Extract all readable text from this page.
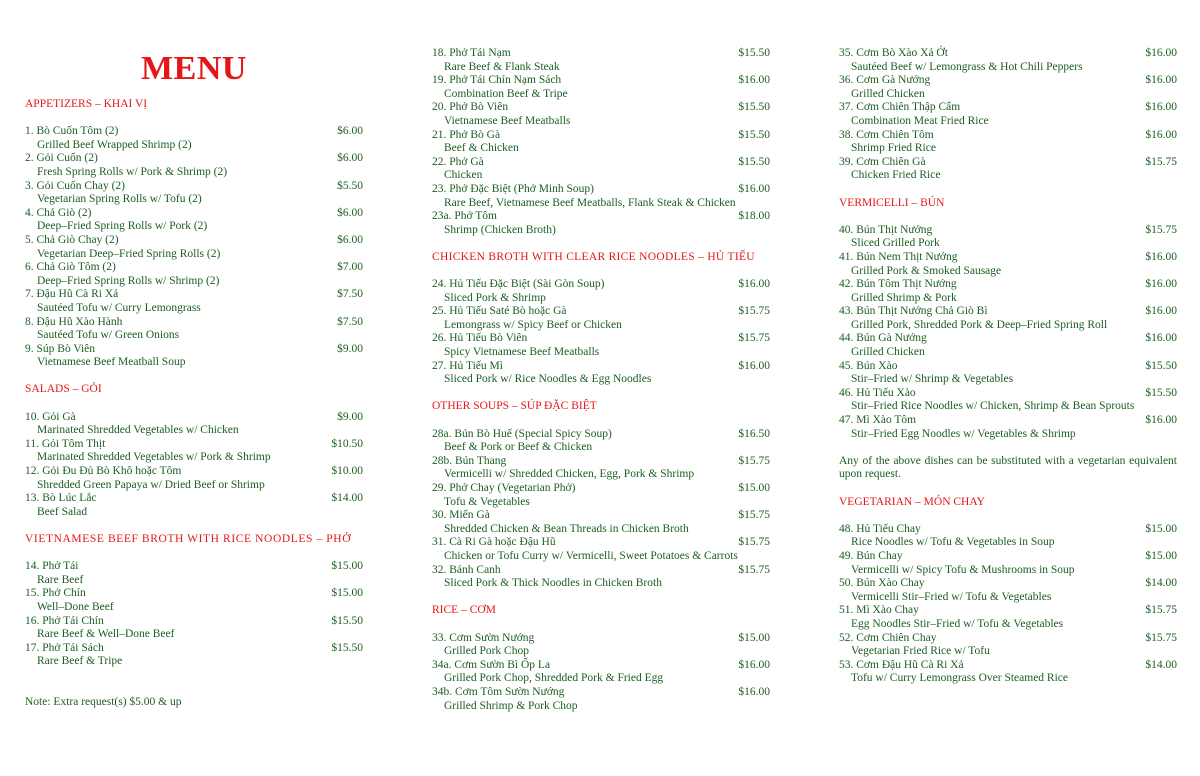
MENU
APPETIZERS – KHAI VỊ
1. Bò Cuốn Tôm (2)	$6.00
Grilled Beef Wrapped Shrimp (2)
2. Gỏi Cuốn (2)	$6.00
Fresh Spring Rolls w/ Pork & Shrimp (2)
3. Gỏi Cuốn Chay (2)	$5.50
Vegetarian Spring Rolls w/ Tofu (2)
4. Chả Giò (2)	$6.00
Deep–Fried Spring Rolls w/ Pork (2)
5. Chả Giò Chay (2)	$6.00
Vegetarian Deep–Fried Spring Rolls (2)
6. Chả Giò Tôm (2)	$7.00
Deep–Fried Spring Rolls w/ Shrimp (2)
7. Đậu Hũ Cà Ri Xả	$7.50
Sautéed Tofu w/ Curry Lemongrass
8. Đậu Hũ Xào Hành	$7.50
Sautéed Tofu w/ Green Onions
9. Súp Bò Viên	$9.00
Vietnamese Beef Meatball Soup
SALADS – GỎI
10. Gỏi Gà	$9.00
Marinated Shredded Vegetables w/ Chicken
11. Gỏi Tôm Thịt	$10.50
Marinated Shredded Vegetables w/ Pork & Shrimp
12. Gỏi Đu Đủ Bò Khô hoặc Tôm	$10.00
Shredded Green Papaya w/ Dried Beef or Shrimp
13. Bò Lúc Lắc	$14.00
Beef Salad
VIETNAMESE BEEF BROTH WITH RICE NOODLES – PHỞ
14. Phở Tái	$15.00
Rare Beef
15. Phở Chín	$15.00
Well–Done Beef
16. Phở Tái Chín	$15.50
Rare Beef & Well–Done Beef
17. Phở Tái Sách	$15.50
Rare Beef & Tripe
Note: Extra request(s) $5.00 & up
18. Phở Tái Nạm	$15.50
Rare Beef & Flank Steak
19. Phở Tái Chín Nạm Sách	$16.00
Combination Beef & Tripe
20. Phở Bò Viên	$15.50
Vietnamese Beef Meatballs
21. Phở Bò Gà	$15.50
Beef & Chicken
22. Phở Gà	$15.50
Chicken
23. Phở Đặc Biệt (Phở Minh Soup)	$16.00
Rare Beef, Vietnamese Beef Meatballs, Flank Steak & Chicken
23a. Phở Tôm	$18.00
Shrimp (Chicken Broth)
CHICKEN BROTH WITH CLEAR RICE NOODLES – HỦ TIẾU
24. Hủ Tiếu Đặc Biệt (Sài Gòn Soup)	$16.00
Sliced Pork & Shrimp
25. Hủ Tiếu Saté Bò hoặc Gà	$15.75
Lemongrass w/ Spicy Beef or Chicken
26. Hủ Tiếu Bò Viên	$15.75
Spicy Vietnamese Beef Meatballs
27. Hủ Tiếu Mì	$16.00
Sliced Pork w/ Rice Noodles & Egg Noodles
OTHER SOUPS – SÚP ĐẶC BIỆT
28a. Bún Bò Huế (Special Spicy Soup)	$16.50
Beef & Pork or Beef & Chicken
28b. Bún Thang	$15.75
Vermicelli w/ Shredded Chicken, Egg, Pork & Shrimp
29. Phở Chay (Vegetarian Phở)	$15.00
Tofu & Vegetables
30. Miến Gà	$15.75
Shredded Chicken & Bean Threads in Chicken Broth
31. Cà Ri Gà hoặc Đậu Hũ	$15.75
Chicken or Tofu Curry w/ Vermicelli, Sweet Potatoes & Carrots
32. Bánh Canh	$15.75
Sliced Pork & Thick Noodles in Chicken Broth
RICE – CƠM
33. Cơm Sườn Nướng	$15.00
Grilled Pork Chop
34a. Cơm Sườn Bì Ốp La	$16.00
Grilled Pork Chop, Shredded Pork & Fried Egg
34b. Cơm Tôm Sườn Nướng	$16.00
Grilled Shrimp & Pork Chop
35. Cơm Bò Xào Xả Ớt	$16.00
Sautéed Beef w/ Lemongrass & Hot Chili Peppers
36. Cơm Gà Nướng	$16.00
Grilled Chicken
37. Cơm Chiên Thập Cẩm	$16.00
Combination Meat Fried Rice
38. Cơm Chiên Tôm	$16.00
Shrimp Fried Rice
39. Cơm Chiên Gà	$15.75
Chicken Fried Rice
VERMICELLI – BÚN
40. Bún Thịt Nướng	$15.75
Sliced Grilled Pork
41. Bún Nem Thịt Nướng	$16.00
Grilled Pork & Smoked Sausage
42. Bún Tôm Thịt Nướng	$16.00
Grilled Shrimp & Pork
43. Bún Thịt Nướng Chả Giò Bì	$16.00
Grilled Pork, Shredded Pork & Deep–Fried Spring Roll
44. Bún Gà Nướng	$16.00
Grilled Chicken
45. Bún Xào	$15.50
Stir–Fried w/ Shrimp & Vegetables
46. Hủ Tiếu Xào	$15.50
Stir–Fried Rice Noodles w/ Chicken, Shrimp & Bean Sprouts
47. Mì Xào Tôm	$16.00
Stir–Fried Egg Noodles w/ Vegetables & Shrimp
Any of the above dishes can be substituted with a vegetarian equivalent upon request.
VEGETARIAN – MÓN CHAY
48. Hủ Tiếu Chay	$15.00
Rice Noodles w/ Tofu & Vegetables in Soup
49. Bún Chay	$15.00
Vermicelli w/ Spicy Tofu & Mushrooms in Soup
50. Bún Xào Chay	$14.00
Vermicelli Stir–Fried w/ Tofu & Vegetables
51. Mì Xào Chay	$15.75
Egg Noodles Stir–Fried w/ Tofu & Vegetables
52. Cơm Chiên Chay	$15.75
Vegetarian Fried Rice w/ Tofu
53. Cơm Đậu Hũ Cà Ri Xả	$14.00
Tofu w/ Curry Lemongrass Over Steamed Rice
